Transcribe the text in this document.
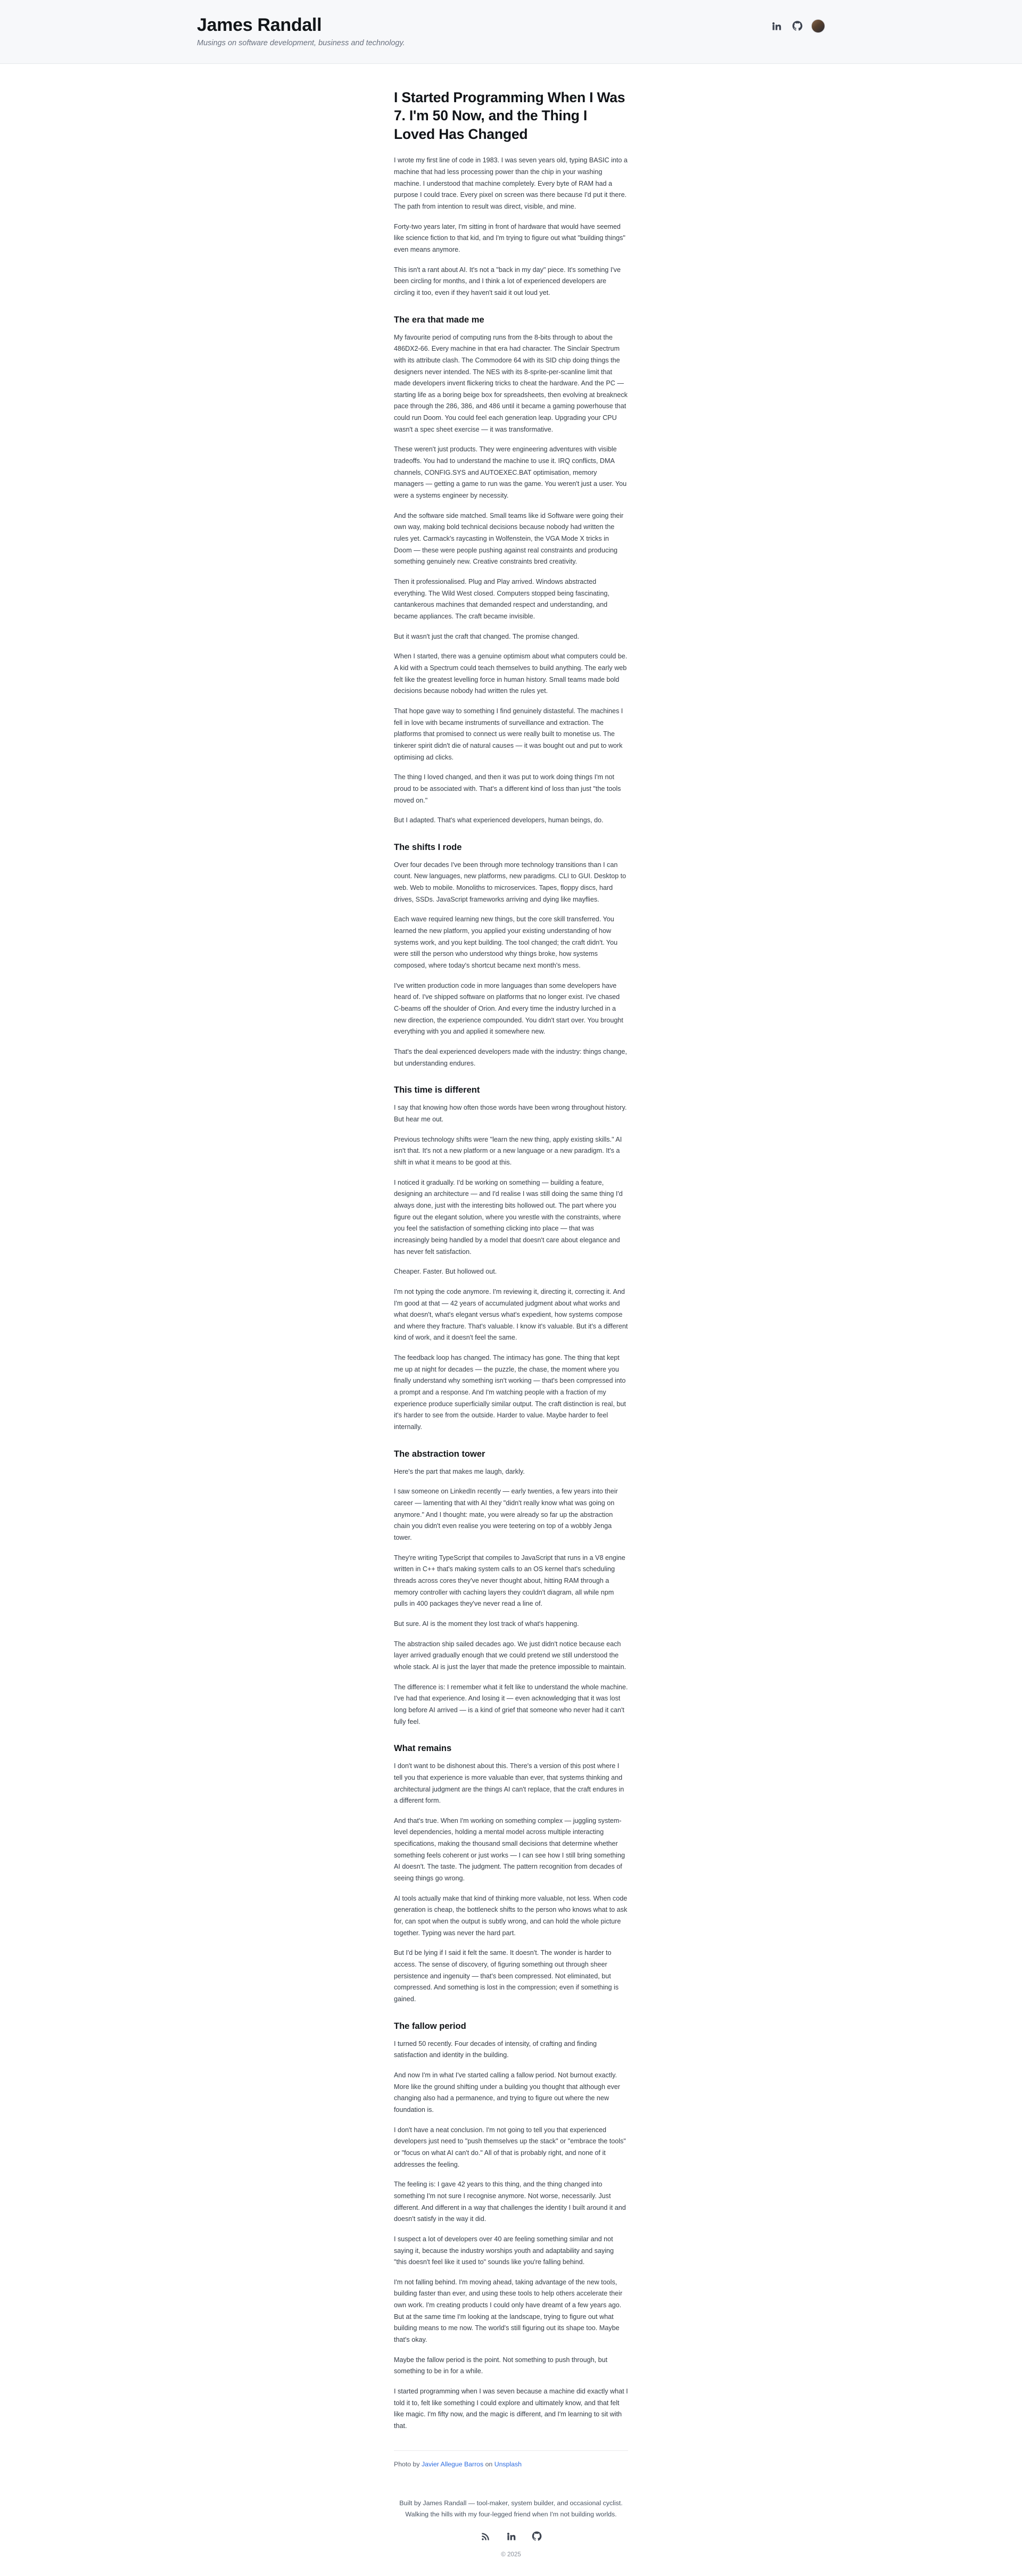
James Randall
Musings on software development, business and technology.
I Started Programming When I Was 7. I'm 50 Now, and the Thing I Loved Has Changed

I wrote my first line of code in 1983. I was seven years old, typing BASIC into a machine that had less processing power than the chip in your washing machine. I understood that machine completely. Every byte of RAM had a purpose I could trace. Every pixel on screen was there because I'd put it there. The path from intention to result was direct, visible, and mine.

Forty-two years later, I'm sitting in front of hardware that would have seemed like science fiction to that kid, and I'm trying to figure out what "building things" even means anymore.

This isn't a rant about AI. It's not a "back in my day" piece. It's something I've been circling for months, and I think a lot of experienced developers are circling it too, even if they haven't said it out loud yet.

The era that made me

My favourite period of computing runs from the 8-bits through to about the 486DX2-66. Every machine in that era had character. The Sinclair Spectrum with its attribute clash. The Commodore 64 with its SID chip doing things the designers never intended. The NES with its 8-sprite-per-scanline limit that made developers invent flickering tricks to cheat the hardware. And the PC — starting life as a boring beige box for spreadsheets, then evolving at breakneck pace through the 286, 386, and 486 until it became a gaming powerhouse that could run Doom. You could feel each generation leap. Upgrading your CPU wasn't a spec sheet exercise — it was transformative.

These weren't just products. They were engineering adventures with visible tradeoffs. You had to understand the machine to use it. IRQ conflicts, DMA channels, CONFIG.SYS and AUTOEXEC.BAT optimisation, memory managers — getting a game to run was the game. You weren't just a user. You were a systems engineer by necessity.

And the software side matched. Small teams like id Software were going their own way, making bold technical decisions because nobody had written the rules yet. Carmack's raycasting in Wolfenstein, the VGA Mode X tricks in Doom — these were people pushing against real constraints and producing something genuinely new. Creative constraints bred creativity.

Then it professionalised. Plug and Play arrived. Windows abstracted everything. The Wild West closed. Computers stopped being fascinating, cantankerous machines that demanded respect and understanding, and became appliances. The craft became invisible.

But it wasn't just the craft that changed. The promise changed.

When I started, there was a genuine optimism about what computers could be. A kid with a Spectrum could teach themselves to build anything. The early web felt like the greatest levelling force in human history. Small teams made bold decisions because nobody had written the rules yet.

That hope gave way to something I find genuinely distasteful. The machines I fell in love with became instruments of surveillance and extraction. The platforms that promised to connect us were really built to monetise us. The tinkerer spirit didn't die of natural causes — it was bought out and put to work optimising ad clicks.

The thing I loved changed, and then it was put to work doing things I'm not proud to be associated with. That's a different kind of loss than just "the tools moved on."

But I adapted. That's what experienced developers, human beings, do.

The shifts I rode

Over four decades I've been through more technology transitions than I can count. New languages, new platforms, new paradigms. CLI to GUI. Desktop to web. Web to mobile. Monoliths to microservices. Tapes, floppy discs, hard drives, SSDs. JavaScript frameworks arriving and dying like mayflies.

Each wave required learning new things, but the core skill transferred. You learned the new platform, you applied your existing understanding of how systems work, and you kept building. The tool changed; the craft didn't. You were still the person who understood why things broke, how systems composed, where today's shortcut became next month's mess.

I've written production code in more languages than some developers have heard of. I've shipped software on platforms that no longer exist. I've chased C-beams off the shoulder of Orion. And every time the industry lurched in a new direction, the experience compounded. You didn't start over. You brought everything with you and applied it somewhere new.

That's the deal experienced developers made with the industry: things change, but understanding endures.

This time is different

I say that knowing how often those words have been wrong throughout history. But hear me out.

Previous technology shifts were "learn the new thing, apply existing skills." AI isn't that. It's not a new platform or a new language or a new paradigm. It's a shift in what it means to be good at this.

I noticed it gradually. I'd be working on something — building a feature, designing an architecture — and I'd realise I was still doing the same thing I'd always done, just with the interesting bits hollowed out. The part where you figure out the elegant solution, where you wrestle with the constraints, where you feel the satisfaction of something clicking into place — that was increasingly being handled by a model that doesn't care about elegance and has never felt satisfaction.

Cheaper. Faster. But hollowed out.

I'm not typing the code anymore. I'm reviewing it, directing it, correcting it. And I'm good at that — 42 years of accumulated judgment about what works and what doesn't, what's elegant versus what's expedient, how systems compose and where they fracture. That's valuable. I know it's valuable. But it's a different kind of work, and it doesn't feel the same.

The feedback loop has changed. The intimacy has gone. The thing that kept me up at night for decades — the puzzle, the chase, the moment where you finally understand why something isn't working — that's been compressed into a prompt and a response. And I'm watching people with a fraction of my experience produce superficially similar output. The craft distinction is real, but it's harder to see from the outside. Harder to value. Maybe harder to feel internally.

The abstraction tower

Here's the part that makes me laugh, darkly.

I saw someone on LinkedIn recently — early twenties, a few years into their career — lamenting that with AI they "didn't really know what was going on anymore." And I thought: mate, you were already so far up the abstraction chain you didn't even realise you were teetering on top of a wobbly Jenga tower.

They're writing TypeScript that compiles to JavaScript that runs in a V8 engine written in C++ that's making system calls to an OS kernel that's scheduling threads across cores they've never thought about, hitting RAM through a memory controller with caching layers they couldn't diagram, all while npm pulls in 400 packages they've never read a line of.

But sure. AI is the moment they lost track of what's happening.

The abstraction ship sailed decades ago. We just didn't notice because each layer arrived gradually enough that we could pretend we still understood the whole stack. AI is just the layer that made the pretence impossible to maintain.

The difference is: I remember what it felt like to understand the whole machine. I've had that experience. And losing it — even acknowledging that it was lost long before AI arrived — is a kind of grief that someone who never had it can't fully feel.

What remains

I don't want to be dishonest about this. There's a version of this post where I tell you that experience is more valuable than ever, that systems thinking and architectural judgment are the things AI can't replace, that the craft endures in a different form.

And that's true. When I'm working on something complex — juggling system-level dependencies, holding a mental model across multiple interacting specifications, making the thousand small decisions that determine whether something feels coherent or just works — I can see how I still bring something AI doesn't. The taste. The judgment. The pattern recognition from decades of seeing things go wrong.

AI tools actually make that kind of thinking more valuable, not less. When code generation is cheap, the bottleneck shifts to the person who knows what to ask for, can spot when the output is subtly wrong, and can hold the whole picture together. Typing was never the hard part.

But I'd be lying if I said it felt the same. It doesn't. The wonder is harder to access. The sense of discovery, of figuring something out through sheer persistence and ingenuity — that's been compressed. Not eliminated, but compressed. And something is lost in the compression; even if something is gained.

The fallow period

I turned 50 recently. Four decades of intensity, of crafting and finding satisfaction and identity in the building.

And now I'm in what I've started calling a fallow period. Not burnout exactly. More like the ground shifting under a building you thought that although ever changing also had a permanence, and trying to figure out where the new foundation is.

I don't have a neat conclusion. I'm not going to tell you that experienced developers just need to "push themselves up the stack" or "embrace the tools" or "focus on what AI can't do." All of that is probably right, and none of it addresses the feeling.

The feeling is: I gave 42 years to this thing, and the thing changed into something I'm not sure I recognise anymore. Not worse, necessarily. Just different. And different in a way that challenges the identity I built around it and doesn't satisfy in the way it did.

I suspect a lot of developers over 40 are feeling something similar and not saying it, because the industry worships youth and adaptability and saying "this doesn't feel like it used to" sounds like you're falling behind.

I'm not falling behind. I'm moving ahead, taking advantage of the new tools, building faster than ever, and using these tools to help others accelerate their own work. I'm creating products I could only have dreamt of a few years ago. But at the same time I'm looking at the landscape, trying to figure out what building means to me now. The world's still figuring out its shape too. Maybe that's okay.

Maybe the fallow period is the point. Not something to push through, but something to be in for a while.

I started programming when I was seven because a machine did exactly what I told it to, felt like something I could explore and ultimately know, and that felt like magic. I'm fifty now, and the magic is different, and I'm learning to sit with that.

Photo by Javier Allegue Barros on Unsplash
Built by James Randall — tool-maker, system builder, and occasional cyclist.
Walking the hills with my four-legged friend when I'm not building worlds.
© 2025
